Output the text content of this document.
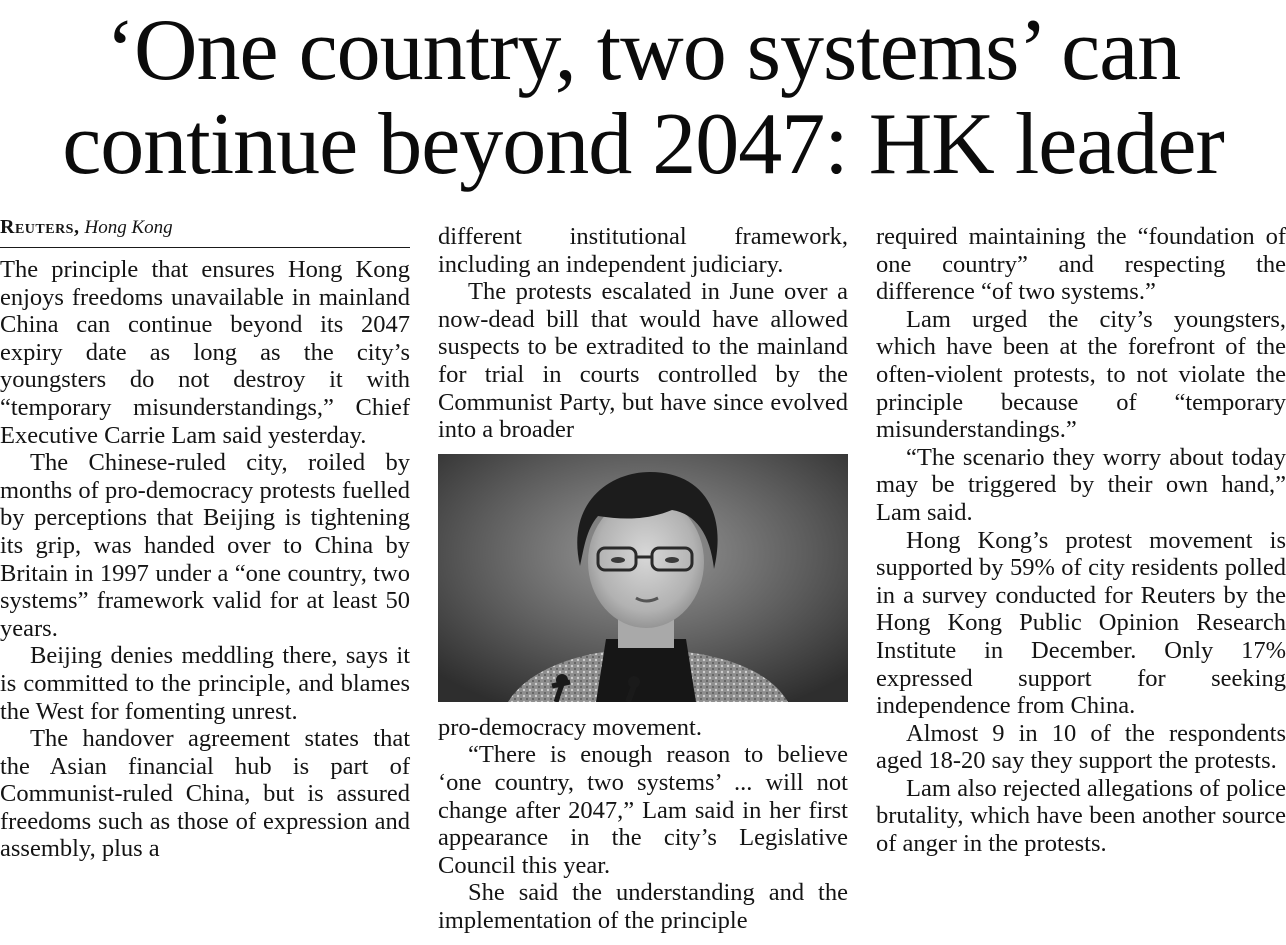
‘One country, two systems’ can
continue beyond 2047: HK leader
Reuters, Hong Kong

The principle that ensures Hong Kong enjoys freedoms unavailable in mainland China can continue beyond its 2047 expiry date as long as the city’s youngsters do not destroy it with “temporary misunderstandings,” Chief Executive Carrie Lam said yesterday.

The Chinese-ruled city, roiled by months of pro-democracy protests fuelled by perceptions that Beijing is tightening its grip, was handed over to China by Britain in 1997 under a “one country, two systems” framework valid for at least 50 years.

Beijing denies meddling there, says it is committed to the principle, and blames the West for fomenting unrest.

The handover agreement states that the Asian financial hub is part of Communist-ruled China, but is assured freedoms such as those of expression and assembly, plus a

different institutional framework, including an independent judiciary.

The protests escalated in June over a now-dead bill that would have allowed suspects to be extradited to the mainland for trial in courts controlled by the Communist Party, but have since evolved into a broader

pro-democracy movement.

“There is enough reason to believe ‘one country, two systems’ ... will not change after 2047,” Lam said in her first appearance in the city’s Legislative Council this year.

She said the understanding and the implementation of the principle

required maintaining the “foundation of one country” and respecting the difference “of two systems.”

Lam urged the city’s youngsters, which have been at the forefront of the often-violent protests, to not violate the principle because of “temporary misunderstandings.”

“The scenario they worry about today may be triggered by their own hand,” Lam said.

Hong Kong’s protest movement is supported by 59% of city residents polled in a survey conducted for Reuters by the Hong Kong Public Opinion Research Institute in December. Only 17% expressed support for seeking independence from China.

Almost 9 in 10 of the respondents aged 18-20 say they support the protests.

Lam also rejected allegations of police brutality, which have been another source of anger in the protests.
